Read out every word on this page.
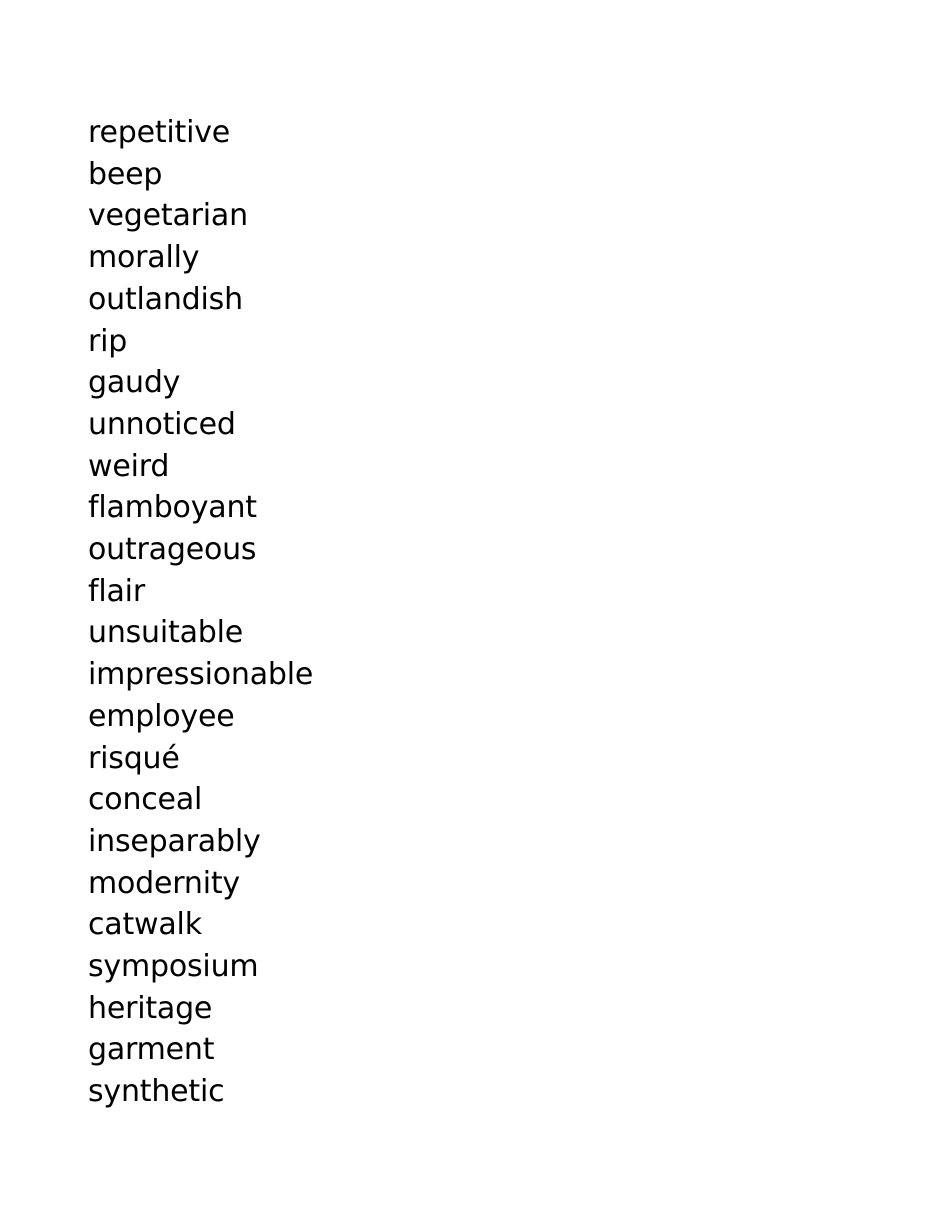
repetitive
beep
vegetarian
morally
outlandish
rip
gaudy
unnoticed
weird
flamboyant
outrageous
flair
unsuitable
impressionable
employee
risqué
conceal
inseparably
modernity
catwalk
symposium
heritage
garment
synthetic
